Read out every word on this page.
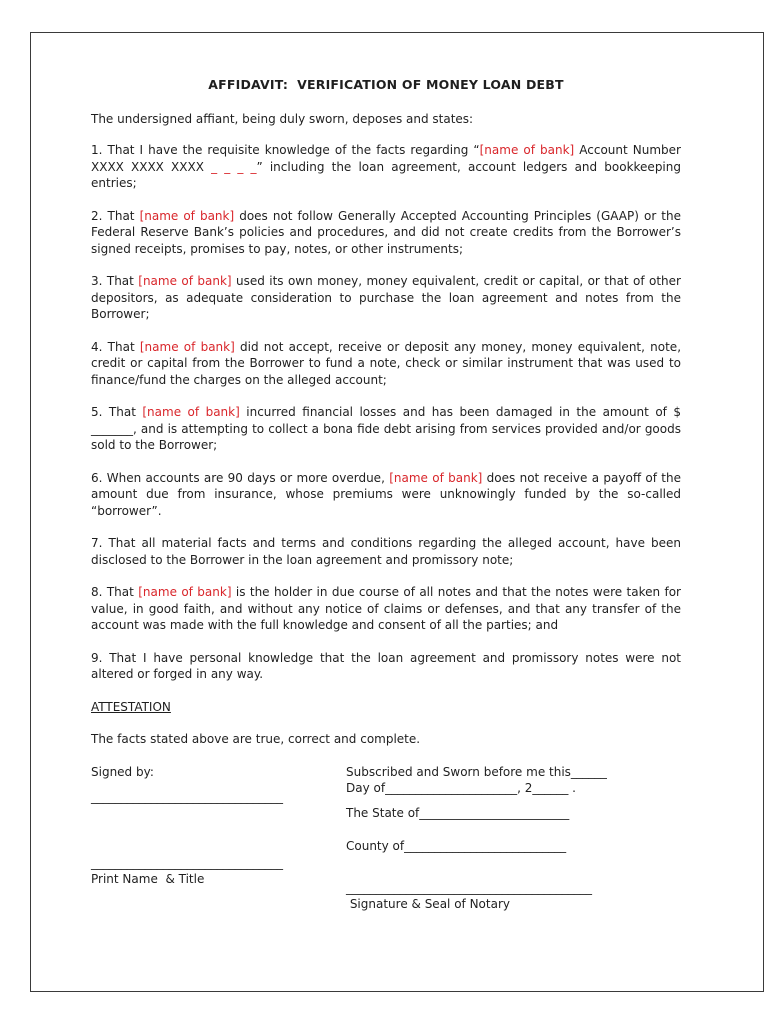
AFFIDAVIT:  VERIFICATION OF MONEY LOAN DEBT
The undersigned affiant, being duly sworn, deposes and states:
1. That I have the requisite knowledge of the facts regarding “[name of bank] Account Number XXXX XXXX XXXX _ _ _ _” including the loan agreement, account ledgers and bookkeeping entries;
2. That [name of bank] does not follow Generally Accepted Accounting Principles (GAAP) or the Federal Reserve Bank’s policies and procedures, and did not create credits from the Borrower’s signed receipts, promises to pay, notes, or other instruments;
3. That [name of bank] used its own money, money equivalent, credit or capital, or that of other depositors, as adequate consideration to purchase the loan agreement and notes from the Borrower;
4. That [name of bank] did not accept, receive or deposit any money, money equivalent, note, credit or capital from the Borrower to fund a note, check or similar instrument that was used to finance/fund the charges on the alleged account;
5. That [name of bank] incurred financial losses and has been damaged in the amount of $ _______, and is attempting to collect a bona fide debt arising from services provided and/or goods sold to the Borrower;
6. When accounts are 90 days or more overdue, [name of bank] does not receive a payoff of the amount due from insurance, whose premiums were unknowingly funded by the so-called “borrower”.
7. That all material facts and terms and conditions regarding the alleged account, have been disclosed to the Borrower in the loan agreement and promissory note;
8. That [name of bank] is the holder in due course of all notes and that the notes were taken for value, in good faith, and without any notice of claims or defenses, and that any transfer of the account was made with the full knowledge and consent of all the parties; and
9. That I have personal knowledge that the loan agreement and promissory notes were not altered or forged in any way.
ATTESTATION
The facts stated above are true, correct and complete.
Signed by:
________________________________
________________________________
Print Name  & Title
Subscribed and Sworn before me this______
Day of______________________, 2______ .
The State of_________________________
County of___________________________
_________________________________________
Signature & Seal of Notary
